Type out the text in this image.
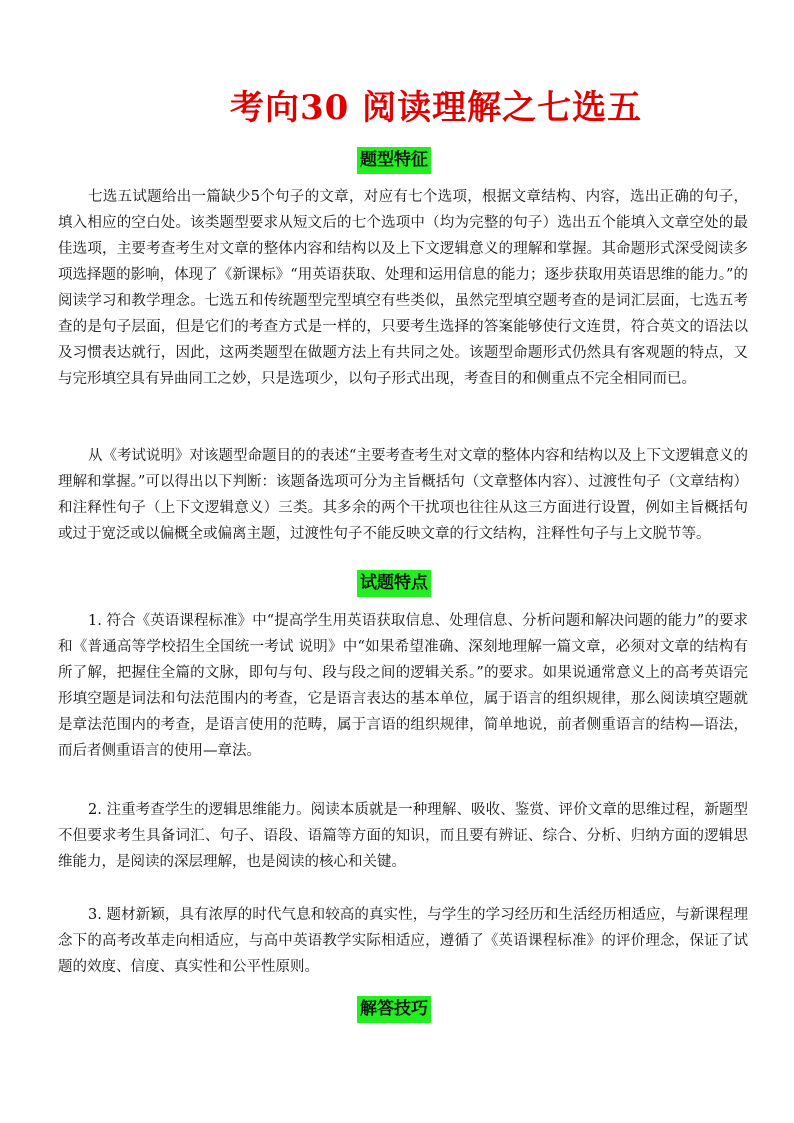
考向30 阅读理解之七选五
题型特征

七选五试题给出一篇缺少5个句子的文章，对应有七个选项，根据文章结构、内容，选出正确的句子，填入相应的空白处。该类题型要求从短文后的七个选项中（均为完整的句子）选出五个能填入文章空处的最佳选项，主要考查考生对文章的整体内容和结构以及上下文逻辑意义的理解和掌握。其命题形式深受阅读多项选择题的影响，体现了《新课标》“用英语获取、处理和运用信息的能力；逐步获取用英语思维的能力。”的阅读学习和教学理念。七选五和传统题型完型填空有些类似，虽然完型填空题考查的是词汇层面，七选五考查的是句子层面，但是它们的考查方式是一样的，只要考生选择的答案能够使行文连贯，符合英文的语法以及习惯表达就行，因此，这两类题型在做题方法上有共同之处。该题型命题形式仍然具有客观题的特点，又与完形填空具有异曲同工之妙，只是选项少，以句子形式出现，考查目的和侧重点不完全相同而已。

从《考试说明》对该题型命题目的的表述“主要考查考生对文章的整体内容和结构以及上下文逻辑意义的理解和掌握。”可以得出以下判断：该题备选项可分为主旨概括句（文章整体内容）、过渡性句子（文章结构）和注释性句子（上下文逻辑意义）三类。其多余的两个干扰项也往往从这三方面进行设置，例如主旨概括句或过于宽泛或以偏概全或偏离主题，过渡性句子不能反映文章的行文结构，注释性句子与上文脱节等。

试题特点

1. 符合《英语课程标准》中“提高学生用英语获取信息、处理信息、分析问题和解决问题的能力”的要求和《普通高等学校招生全国统一考试 说明》中“如果希望准确、深刻地理解一篇文章，必须对文章的结构有所了解，把握住全篇的文脉，即句与句、段与段之间的逻辑关系。”的要求。如果说通常意义上的高考英语完形填空题是词法和句法范围内的考查，它是语言表达的基本单位，属于语言的组织规律，那么阅读填空题就是章法范围内的考查，是语言使用的范畴，属于言语的组织规律，简单地说，前者侧重语言的结构—语法，而后者侧重语言的使用—章法。

2. 注重考查学生的逻辑思维能力。阅读本质就是一种理解、吸收、鉴赏、评价文章的思维过程，新题型不但要求考生具备词汇、句子、语段、语篇等方面的知识，而且要有辨证、综合、分析、归纳方面的逻辑思维能力，是阅读的深层理解，也是阅读的核心和关键。

3. 题材新颖，具有浓厚的时代气息和较高的真实性，与学生的学习经历和生活经历相适应，与新课程理念下的高考改革走向相适应，与高中英语教学实际相适应，遵循了《英语课程标准》的评价理念，保证了试题的效度、信度、真实性和公平性原则。

解答技巧
